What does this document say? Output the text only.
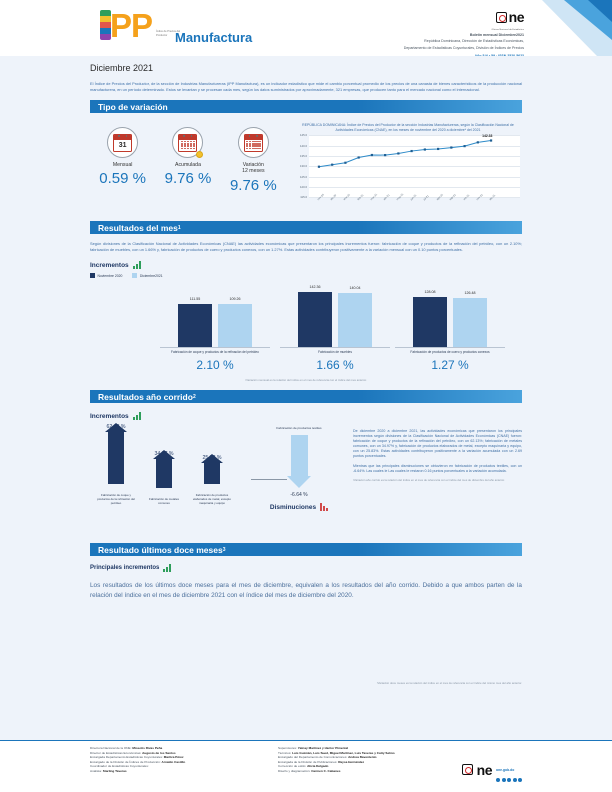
PP Índice de Precios del Productor Manufactura
ne
Oficina Nacional de Estadística
Boletín mensual Diciembre2021
República Dominicana, Dirección de Estadísticas Económicas,
Departamento de Estadísticas Coyunturales, División de Índices de Precios
Diciembre 2021
El Índice de Precios del Productor, de la sección de Industrias Manufactureras (IPP Manufactura), es un indicador estadístico que mide el cambio porcentual promedio de los precios de una canasta de bienes característicos de la producción nacional manufacturera, en un período determinado. Estos se levantan y se procesan cada mes, según los datos suministrados por aproximadamente, 321 empresas, que producen tanto para el mercado nacional como el internacional.
Tipo de variación
31
Mensual
0.59 %
Acumulada
9.76 %
Variación
12 meses
9.76 %
REPÚBLICA DOMINICANA: Índice de Precios del Productor de la sección Industrias Manufactureras, según la Clasificación Nacional de Actividades Económicas (CNAE), en los meses de noviembre del 2020 a diciembre* del 2021
145.0
140.0
135.0
130.0
125.0
120.0
115.0
142.33
nov-20 dic-20 ene-21 feb-21 mar-21 abr-21 may-21 jun-21 jul-21	ago-21 sep-21 oct-21 nov-21 dic-21
Resultados del mes 1
Según divisiones de la Clasificación Nacional de Actividades Económicas (CNAE) las actividades económicas que presentaron los principales incrementos fueron: fabricación de coque y productos de la refinación del petróleo, con un 2.10%; fabricación de muebles, con un 1.66% y, fabricación de productos de cuero y productos conexos, con un 1.27%. Estas actividades contribuyeron positivamente a la variación mensual con un 0.10 puntos porcentuales.
Incrementos
Noviembre 2020	Diciembre2021
111.55	109.26
Fabricación de coque y productos de la refinación del petróleo
2.10 %
142.36	140.04
Fabricación de muebles
1.66 %
128.08	126.48
Fabricación de productos de cuero y productos conexos
1.27 %
¹Variación mensual es la relación del índice en el mes de referencia con el índice del mes anterior.
Resultados año corrido 2
Incrementos
Fabricación de coque y productos de la refinación del petróleo
Fabricación de metales comunes
Fabricación de productos elaborados de metal, excepto maquinaria y equipo
Fabricación de productos textiles
-6.64 %
Disminuciones

De diciembre 2020 a diciembre 2021, las actividades económicas que presentaron los principales incrementos según divisiones de la Clasificación Nacional de Actividades Económicas (CNAE) fueron: fabricación de coque y productos de la refinación del petróleo, con un 62.13%; fabricación de metales comunes, con un 34.97% y, fabricación de productos elaborados de metal, excepto maquinaria y equipo, con un 25.83%. Estas actividades contribuyeron positivamente a la variación acumulada con un 2.69 puntos porcentuales.

Mientras que las principales disminuciones se obtuvieron en fabricación de productos textiles, con un -6.64%. Las cuales le Las cuales le restaron 0.16 puntos porcentuales a la variación acumulada.

²Variación año corrido es la relación del índice en el mes de referencia con el índice del mes de diciembre del año anterior.
Resultado últimos doce meses 3
Principales incrementos
Los resultados de los últimos doce meses para el mes de diciembre, equivalen a los resultados del año corrido. Debido a que ambos parten de la relación del índice en el mes de diciembre 2021 con el índice del mes de diciembre del 2020.
³Variación doce meses es la relación del índice en el mes de referencia con el índice del mismo mes del año anterior.
Directora Nacional de la ONE: Miosotis Rivas Peña
Director de Estadísticas Económicas: Augusto de los Santos
Encargada Departamento Estadísticas Coyunturales: Maritza Pérez
Encargado de la División de Índices de Producción: Arnaldo Castillo
Coordinador de Estadísticas Coyunturales:
Analista: Starling Taveras
Supervisores: Yatnay Martínez y Héctor Pimentel
Técnicos: Luis Guzmán, Luis Sued, Miguel Martínez, Luis Taveras y Catty Selmo
Encargado del Departamento de Comunicaciones: Andrea Baventento
Encargada de la División de Publicaciones: Raysa Hernández
Corrección de estilo: Alicia Delgado
Diseño y diagramación: Carmen C. Cabanes	ne one.gob.do
